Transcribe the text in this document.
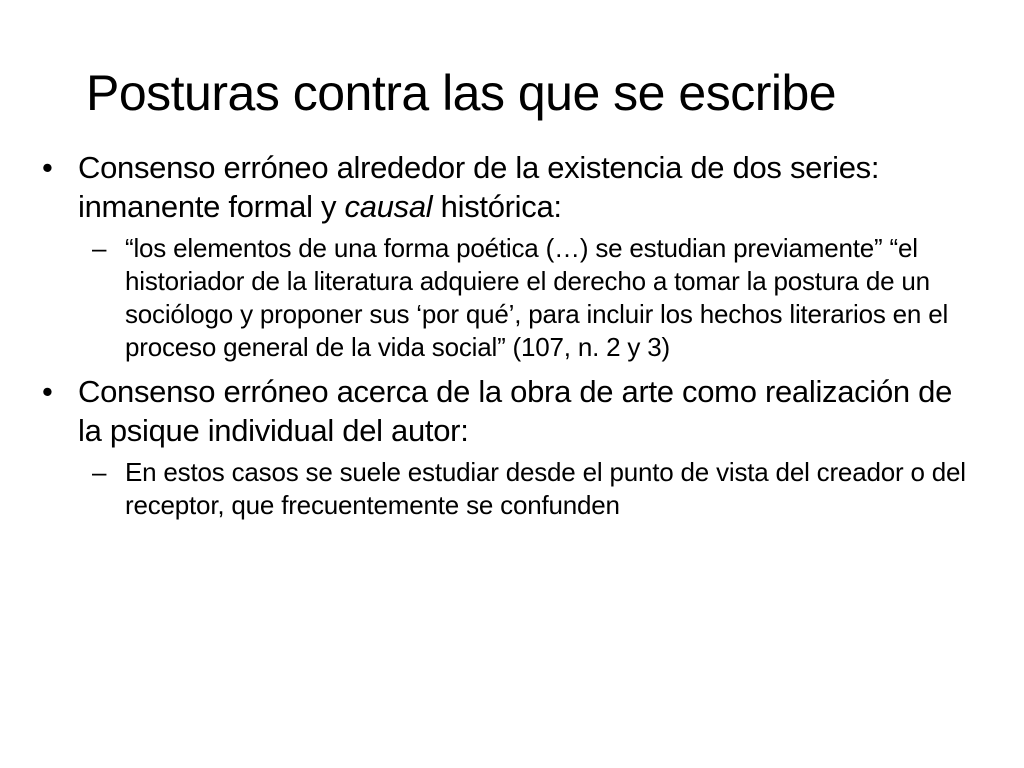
Posturas contra las que se escribe
• Consenso erróneo alrededor de la existencia de dos series: inmanente formal y causal histórica:
– “los elementos de una forma poética (…) se estudian previamente” “el historiador de la literatura adquiere el derecho a tomar la postura de un sociólogo y proponer sus ‘por qué’, para incluir los hechos literarios en el proceso general de la vida social” (107, n. 2 y 3)
• Consenso erróneo acerca de la obra de arte como realización de la psique individual del autor:
– En estos casos se suele estudiar desde el punto de vista del creador o del receptor, que frecuentemente se confunden
